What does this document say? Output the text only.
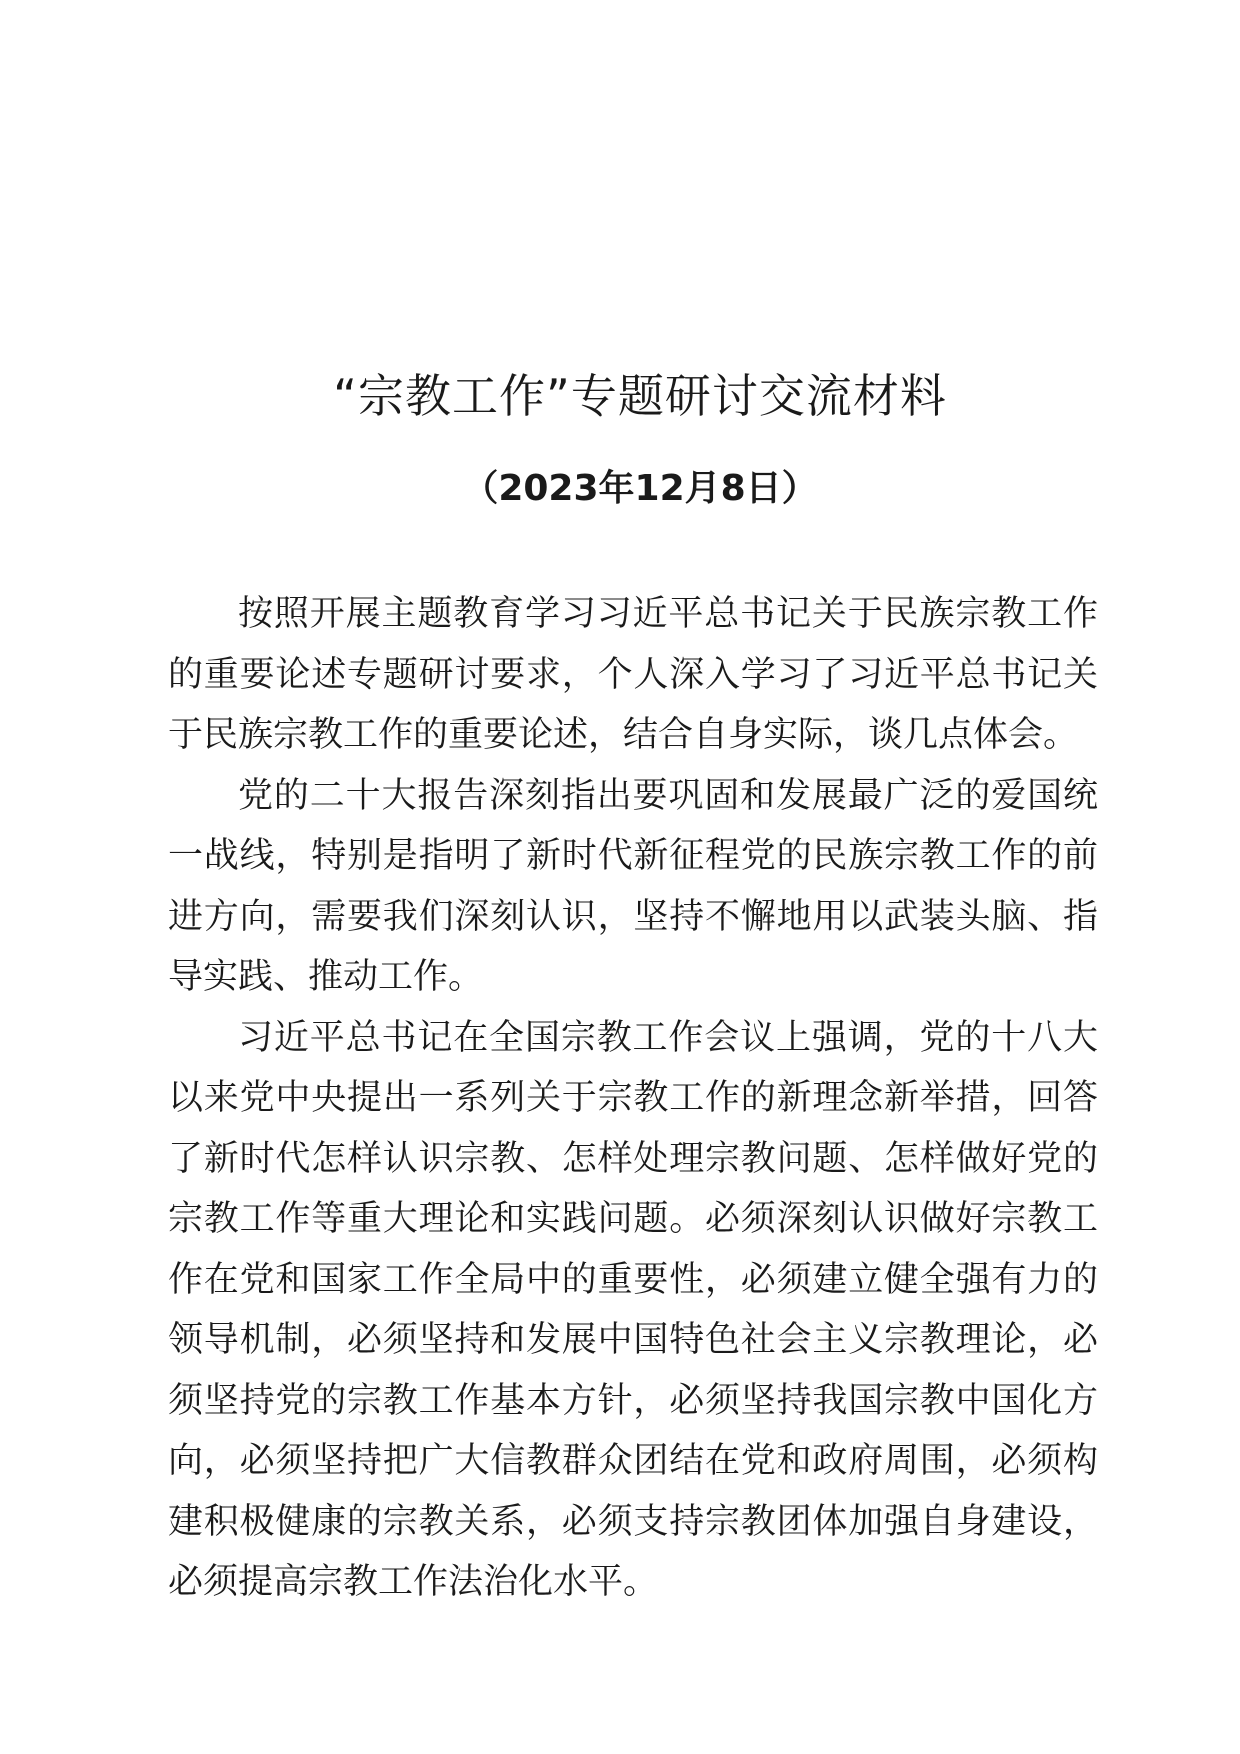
“宗教工作”专题研讨交流材料
（2023年12月8日）

按照开展主题教育学习习近平总书记关于民族宗教工作的重要论述专题研讨要求，个人深入学习了习近平总书记关于民族宗教工作的重要论述，结合自身实际，谈几点体会。

党的二十大报告深刻指出要巩固和发展最广泛的爱国统一战线，特别是指明了新时代新征程党的民族宗教工作的前进方向，需要我们深刻认识，坚持不懈地用以武装头脑、指导实践、推动工作。

习近平总书记在全国宗教工作会议上强调，党的十八大以来党中央提出一系列关于宗教工作的新理念新举措，回答了新时代怎样认识宗教、怎样处理宗教问题、怎样做好党的宗教工作等重大理论和实践问题。必须深刻认识做好宗教工作在党和国家工作全局中的重要性，必须建立健全强有力的领导机制，必须坚持和发展中国特色社会主义宗教理论，必须坚持党的宗教工作基本方针，必须坚持我国宗教中国化方向，必须坚持把广大信教群众团结在党和政府周围，必须构建积极健康的宗教关系，必须支持宗教团体加强自身建设，必须提高宗教工作法治化水平。
